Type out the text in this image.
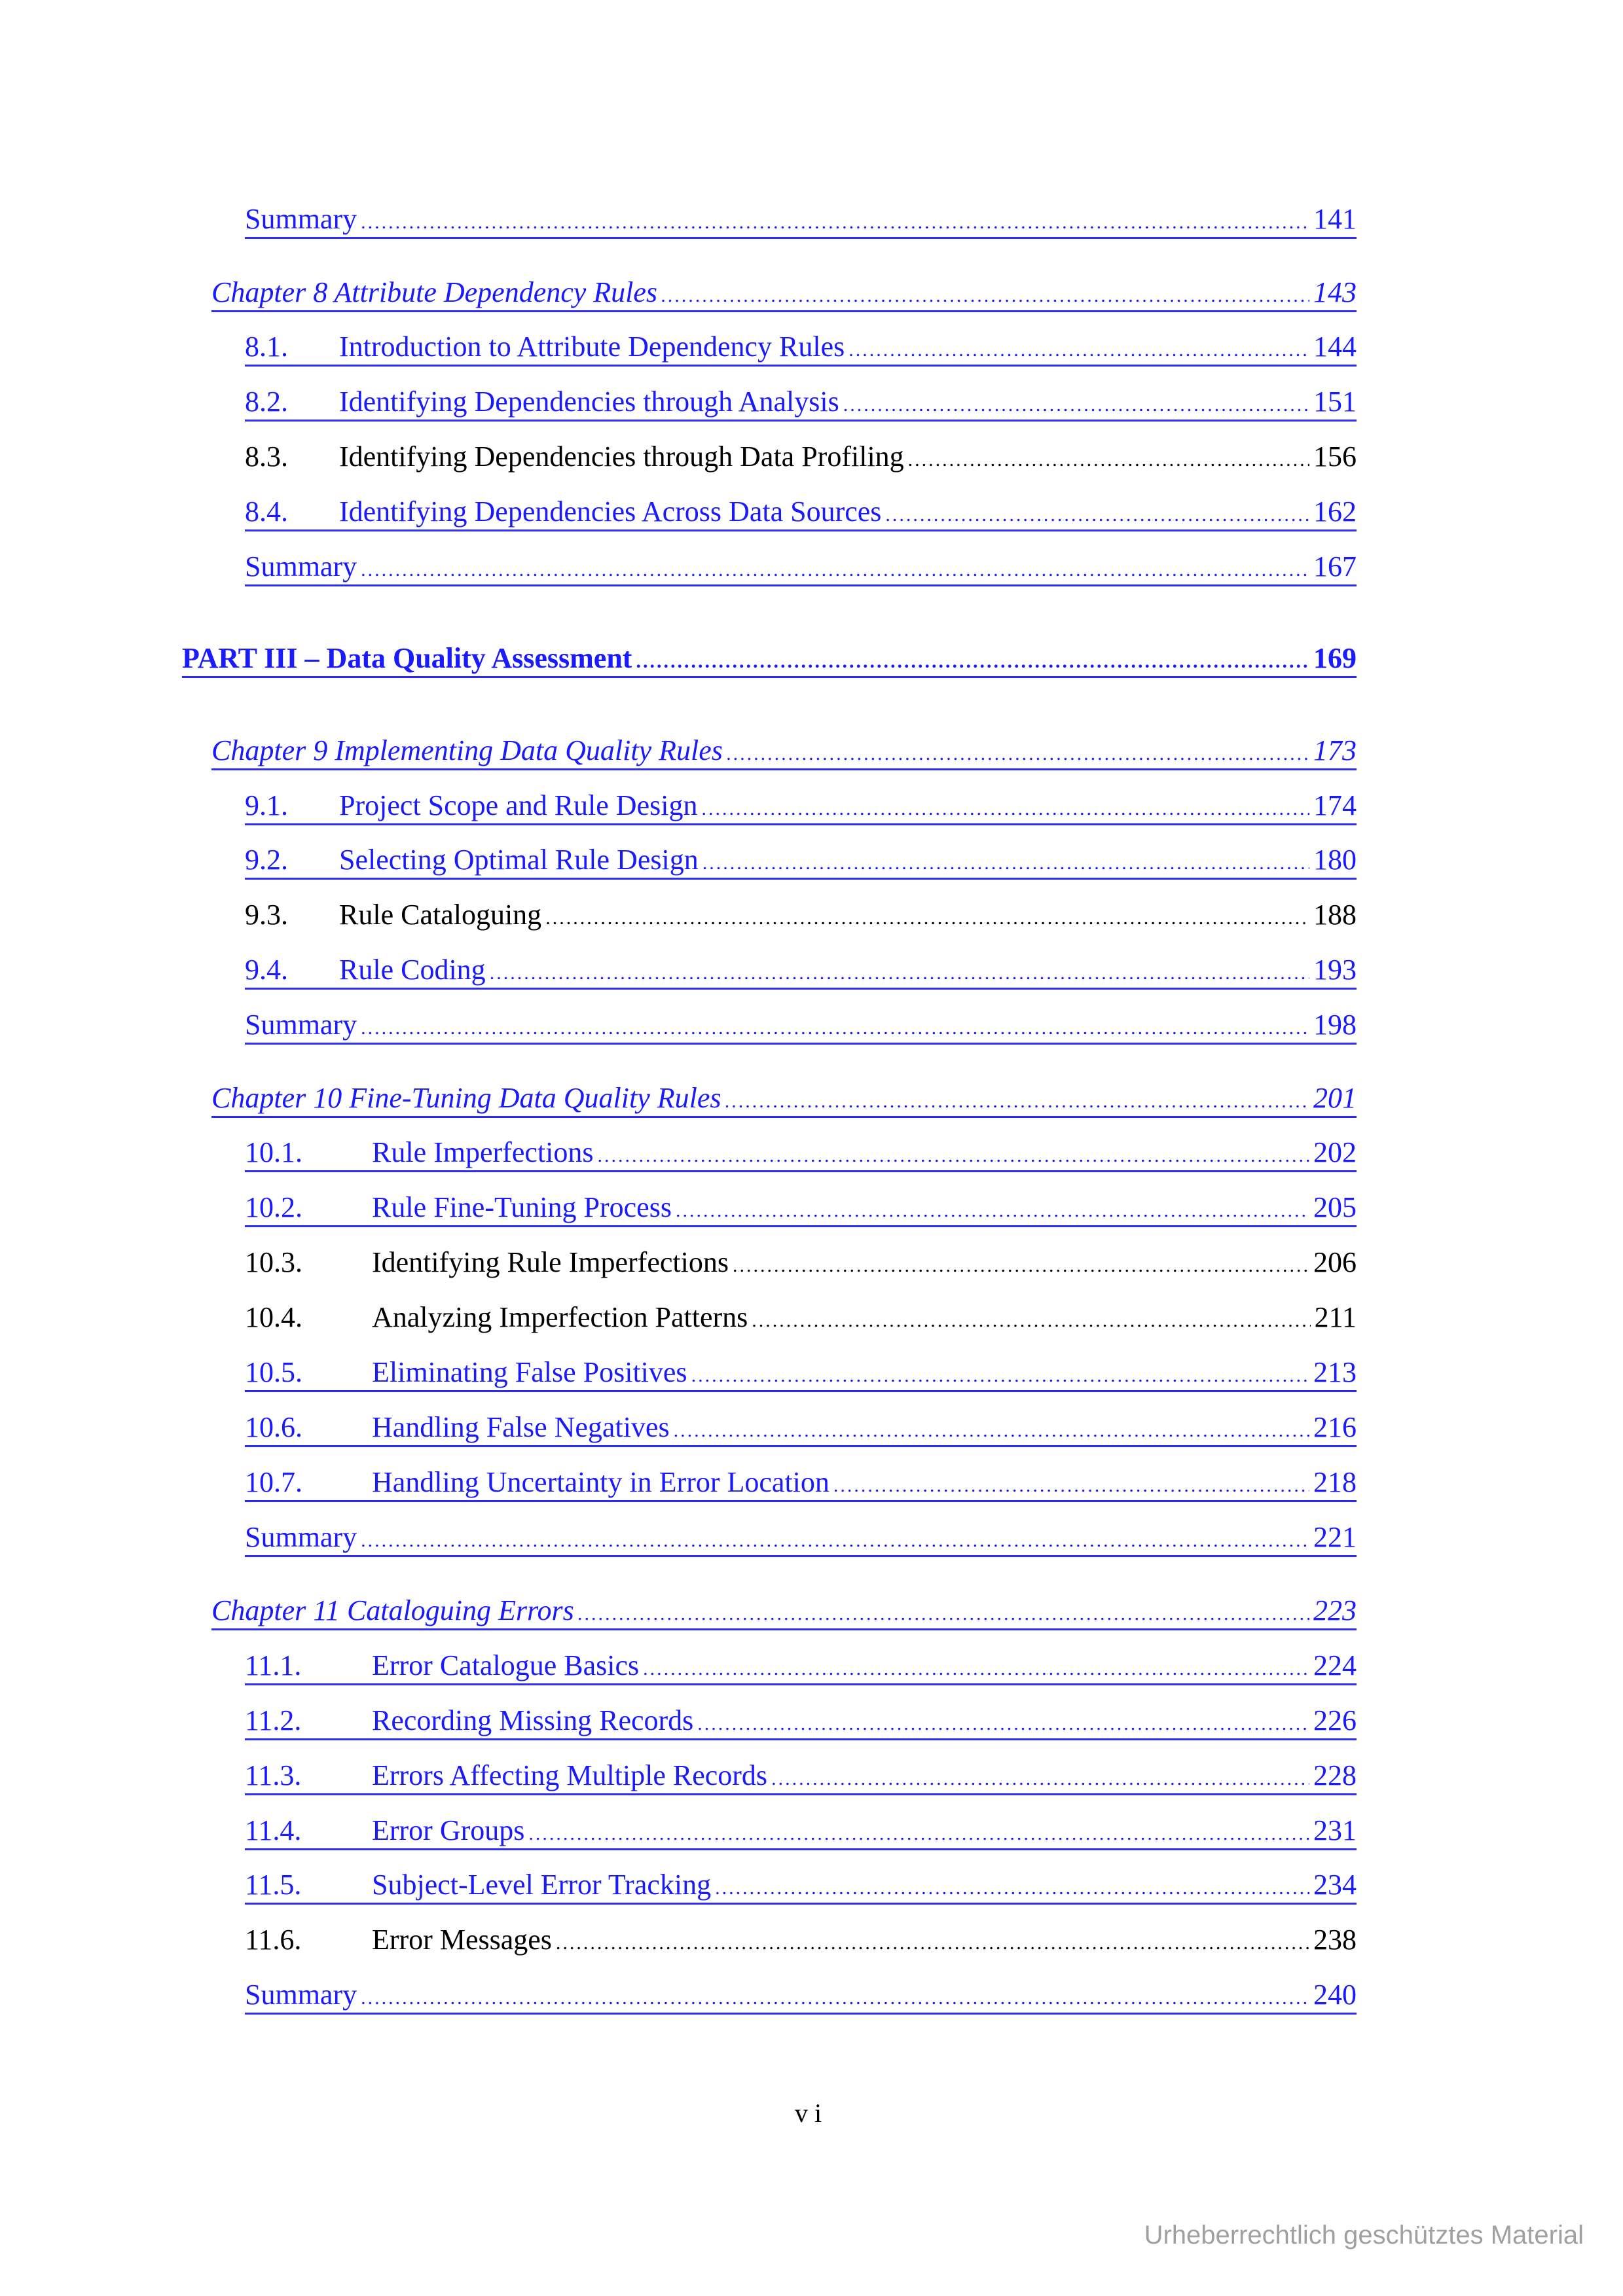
Summary .....	141
Chapter 8 Attribute Dependency Rules .....	143
8.1.	Introduction to Attribute Dependency Rules .....	144
8.2.	Identifying Dependencies through Analysis .....	151
8.3.	Identifying Dependencies through Data Profiling .....	156
8.4.	Identifying Dependencies Across Data Sources .....	162
Summary .....	167
PART III – Data Quality Assessment .....	169
Chapter 9 Implementing Data Quality Rules .....	173
9.1.	Project Scope and Rule Design .....	174
9.2.	Selecting Optimal Rule Design .....	180
9.3.	Rule Cataloguing .....	188
9.4.	Rule Coding .....	193
Summary .....	198
Chapter 10 Fine-Tuning Data Quality Rules .....	201
10.1.	Rule Imperfections .....	202
10.2.	Rule Fine-Tuning Process .....	205
10.3.	Identifying Rule Imperfections .....	206
10.4.	Analyzing Imperfection Patterns .....	211
10.5.	Eliminating False Positives .....	213
10.6.	Handling False Negatives .....	216
10.7.	Handling Uncertainty in Error Location .....	218
Summary .....	221
Chapter 11 Cataloguing Errors .....	223
11.1.	Error Catalogue Basics .....	224
11.2.	Recording Missing Records .....	226
11.3.	Errors Affecting Multiple Records .....	228
11.4.	Error Groups .....	231
11.5.	Subject-Level Error Tracking .....	234
11.6.	Error Messages .....	238
Summary .....	240
vi
Urheberrechtlich geschütztes Material
